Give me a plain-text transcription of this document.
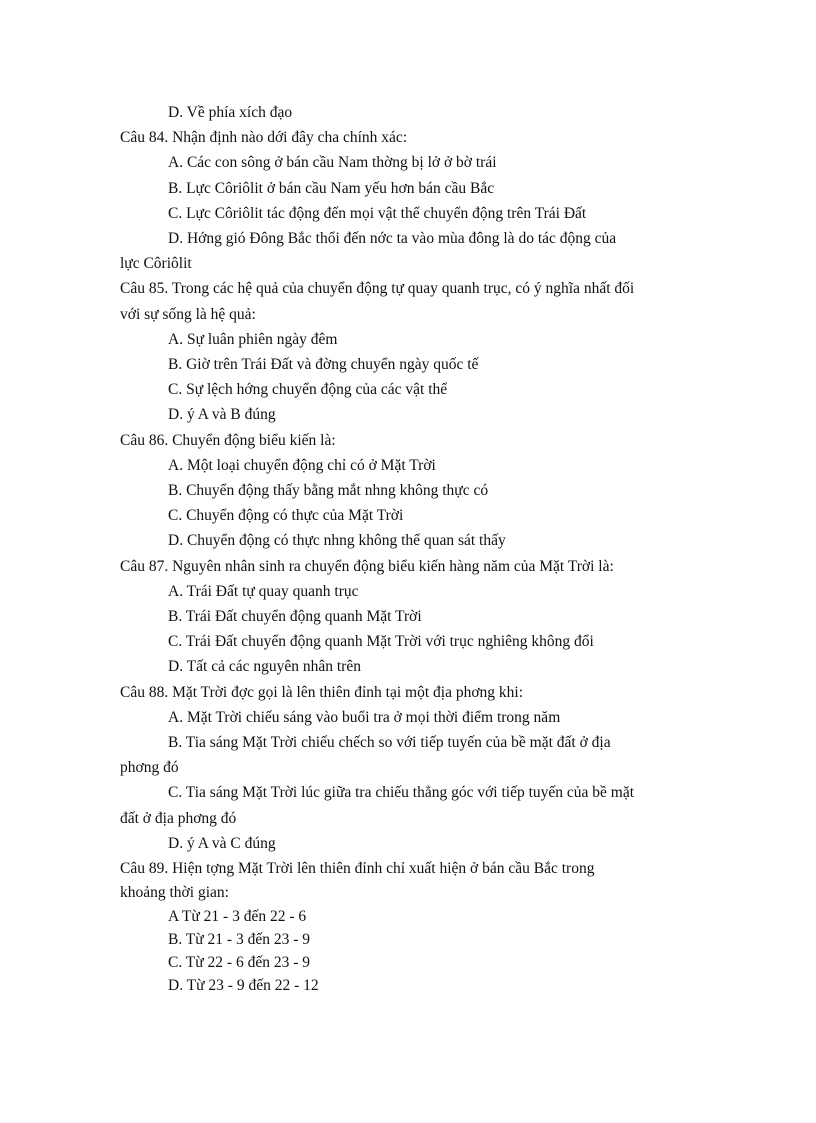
D. Về phía xích đạo
Câu 84. Nhận định nào dới đây cha chính xác:
A. Các con sông ở bán cầu Nam thờng bị lở ở bờ trái
B. Lực Côriôlit ở bán cầu Nam yếu hơn bán cầu Bắc
C. Lực Côriôlit tác động đến mọi vật thể chuyển động trên Trái Đất
D. Hớng gió Đông Bắc thổi đến nớc ta vào mùa đông là do tác động của
lực Côriôlit
Câu 85. Trong các hệ quả của chuyển động tự quay quanh trục, có ý nghĩa nhất đối
với sự sống là hệ quả:
A. Sự luân phiên ngày đêm
B. Giờ trên Trái Đất và đờng chuyển ngày quốc tế
C. Sự lệch hớng chuyển động của các vật thể
D. ý A và B đúng
Câu 86. Chuyển động biểu kiến là:
A. Một loại chuyển động chỉ có ở Mặt Trời
B. Chuyển động thấy bằng mắt nhng không thực có
C. Chuyển động có thực của Mặt Trời
D. Chuyển động có thực nhng không thể quan sát thấy
Câu 87. Nguyên nhân sinh ra chuyển động biểu kiến hàng năm của Mặt Trời là:
A. Trái Đất tự quay quanh trục
B. Trái Đất chuyển động quanh Mặt Trời
C. Trái Đất chuyển động quanh Mặt Trời với trục nghiêng không đổi
D. Tất cả các nguyên nhân trên
Câu 88. Mặt Trời đợc gọi là lên thiên đỉnh tại một địa phơng khi:
A. Mặt Trời chiếu sáng vào buổi tra ở mọi thời điểm trong năm
B. Tia sáng Mặt Trời chiếu chếch so với tiếp tuyến của bề mặt đất ở địa
phơng đó
C. Tia sáng Mặt Trời lúc giữa tra chiếu thẳng góc với tiếp tuyến của bề mặt
đất ở địa phơng đó
D. ý A và C đúng
Câu 89. Hiện tợng Mặt Trời lên thiên đỉnh chỉ xuất hiện ở bán cầu Bắc trong
khoảng thời gian:
A Từ 21 - 3 đến 22 - 6
B. Từ 21 - 3 đến 23 - 9
C. Từ 22 - 6 đến 23 - 9
D. Từ 23 - 9 đến 22 - 12
